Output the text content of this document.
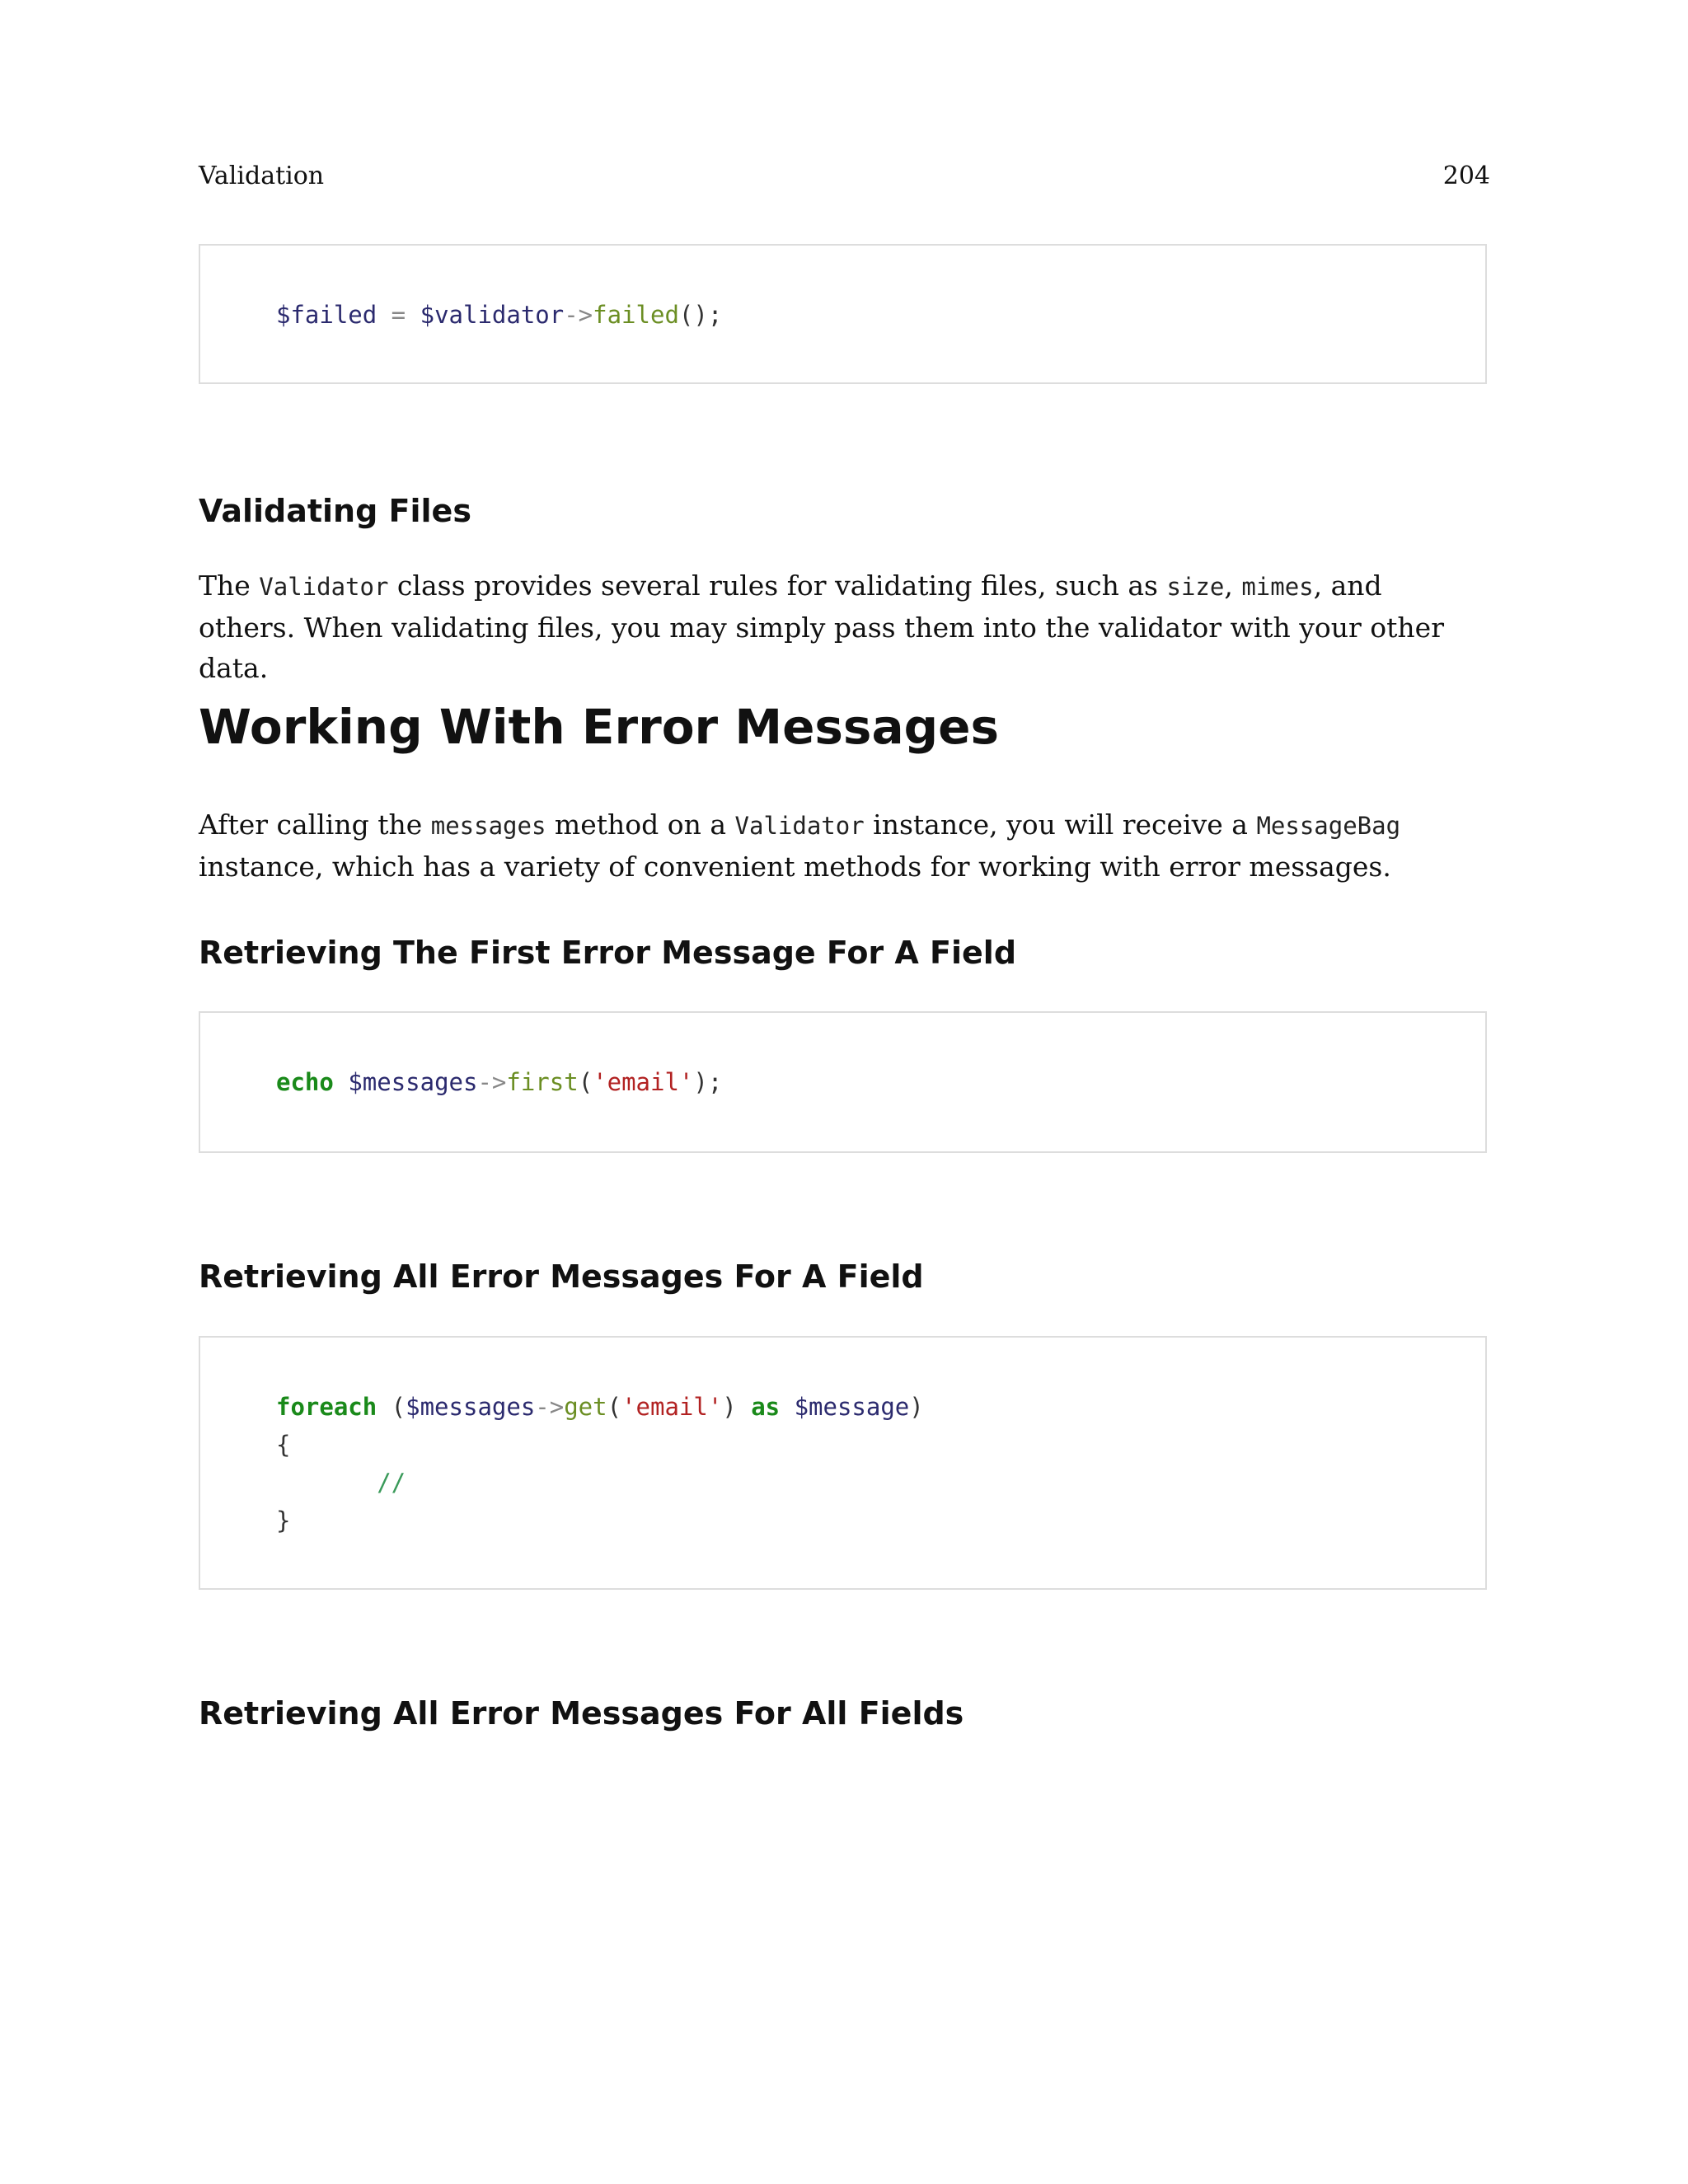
Validation	204
$failed = $validator->failed();
Validating Files

The Validator class provides several rules for validating files, such as size, mimes, and others. When validating files, you may simply pass them into the validator with your other data.

Working With Error Messages

After calling the messages method on a Validator instance, you will receive a MessageBag instance, which has a variety of convenient methods for working with error messages.

Retrieving The First Error Message For A Field
echo $messages->first('email');
Retrieving All Error Messages For A Field
foreach ($messages->get('email') as $message)
{
//
}
Retrieving All Error Messages For All Fields
